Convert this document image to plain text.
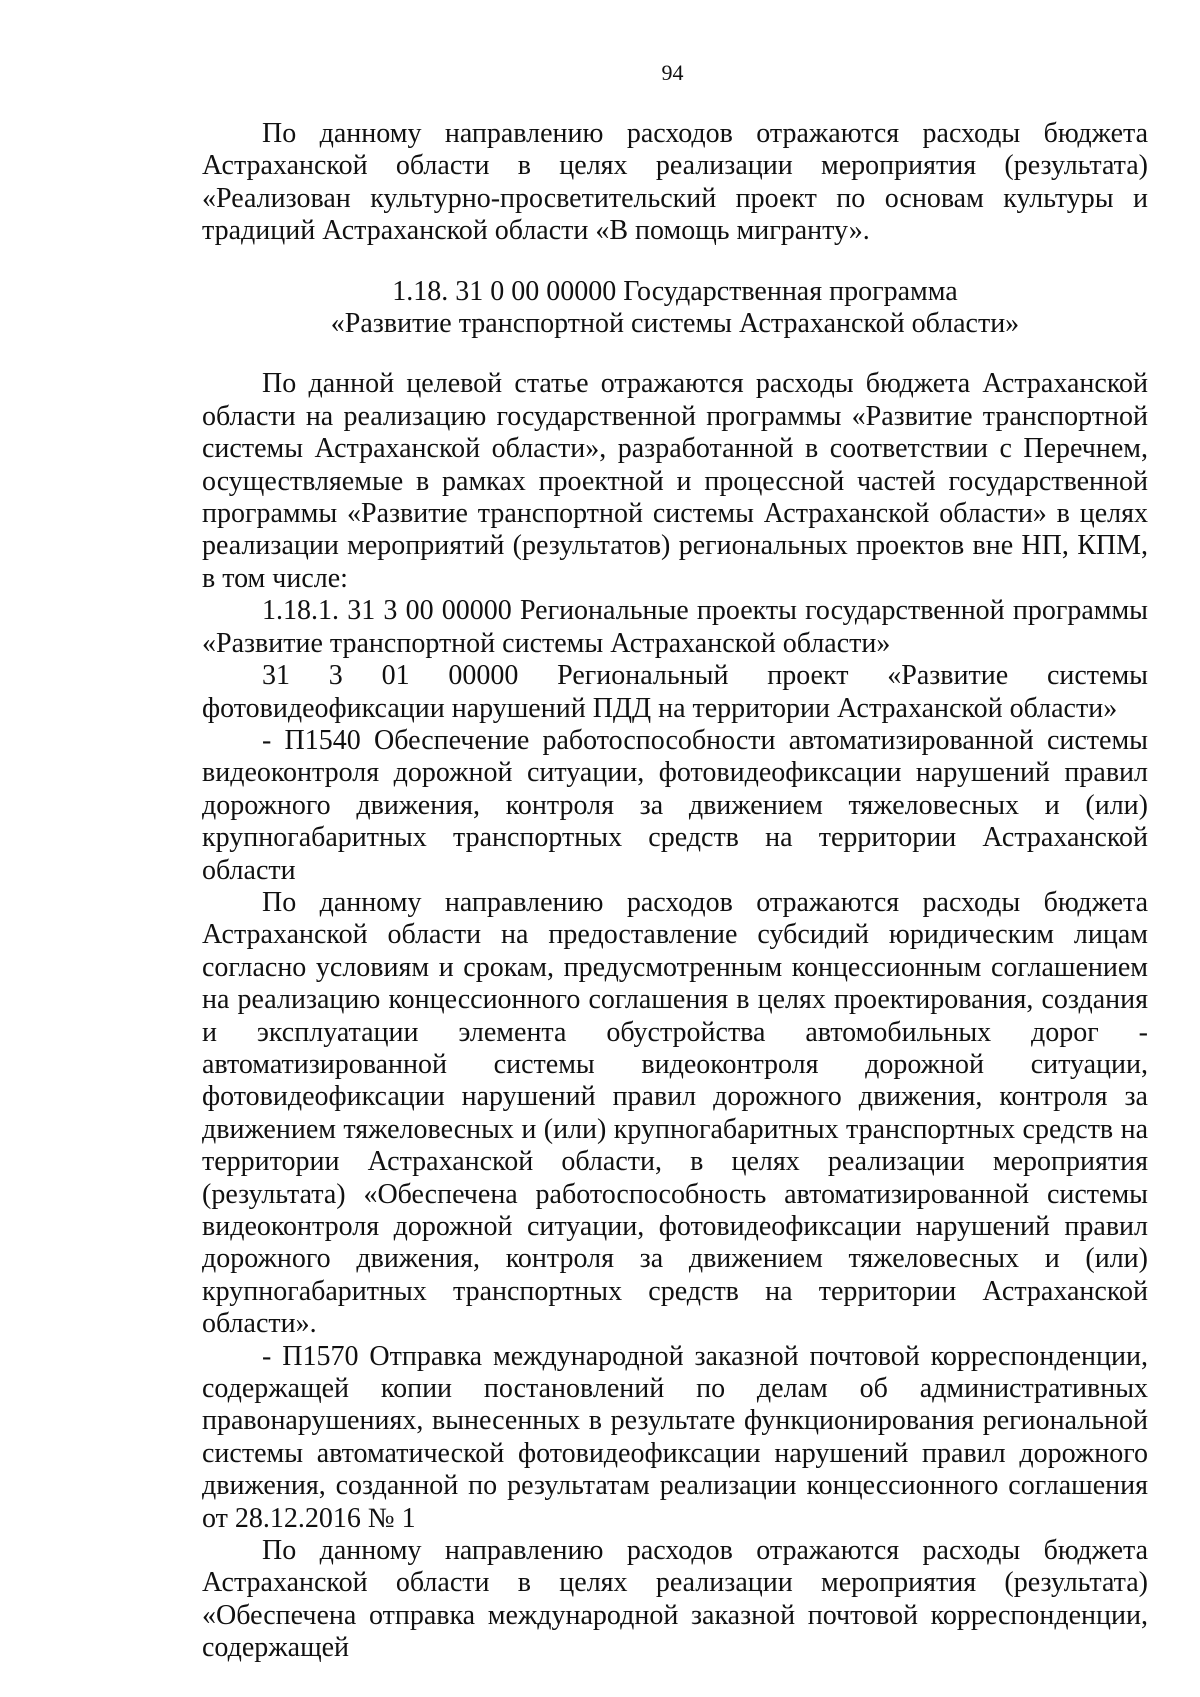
94

По данному направлению расходов отражаются расходы бюджета Астраханской области в целях реализации мероприятия (результата) «Реализован культурно-просветительский проект по основам культуры и традиций Астраханской области «В помощь мигранту».

1.18. 31 0 00 00000 Государственная программа
«Развитие транспортной системы Астраханской области»

По данной целевой статье отражаются расходы бюджета Астраханской области на реализацию государственной программы «Развитие транспортной системы Астраханской области», разработанной в соответствии с Перечнем, осуществляемые в рамках проектной и процессной частей государственной программы «Развитие транспортной системы Астраханской области» в целях реализации мероприятий (результатов) региональных проектов вне НП, КПМ, в том числе:

1.18.1. 31 3 00 00000 Региональные проекты государственной программы «Развитие транспортной системы Астраханской области»

31 3 01 00000 Региональный проект «Развитие системы фотовидеофиксации нарушений ПДД на территории Астраханской области»

- П1540 Обеспечение работоспособности автоматизированной системы видеоконтроля дорожной ситуации, фотовидеофиксации нарушений правил дорожного движения, контроля за движением тяжеловесных и (или) крупногабаритных транспортных средств на территории Астраханской области

По данному направлению расходов отражаются расходы бюджета Астраханской области на предоставление субсидий юридическим лицам согласно условиям и срокам, предусмотренным концессионным соглашением на реализацию концессионного соглашения в целях проектирования, создания и эксплуатации элемента обустройства автомобильных дорог - автоматизированной системы видеоконтроля дорожной ситуации, фотовидеофиксации нарушений правил дорожного движения, контроля за движением тяжеловесных и (или) крупногабаритных транспортных средств на территории Астраханской области, в целях реализации мероприятия (результата) «Обеспечена работоспособность автоматизированной системы видеоконтроля дорожной ситуации, фотовидеофиксации нарушений правил дорожного движения, контроля за движением тяжеловесных и (или) крупногабаритных транспортных средств на территории Астраханской области».

- П1570 Отправка международной заказной почтовой корреспонденции, содержащей копии постановлений по делам об административных правонарушениях, вынесенных в результате функционирования региональной системы автоматической фотовидеофиксации нарушений правил дорожного движения, созданной по результатам реализации концессионного соглашения от 28.12.2016 № 1

По данному направлению расходов отражаются расходы бюджета Астраханской области в целях реализации мероприятия (результата) «Обеспечена отправка международной заказной почтовой корреспонденции, содержащей
